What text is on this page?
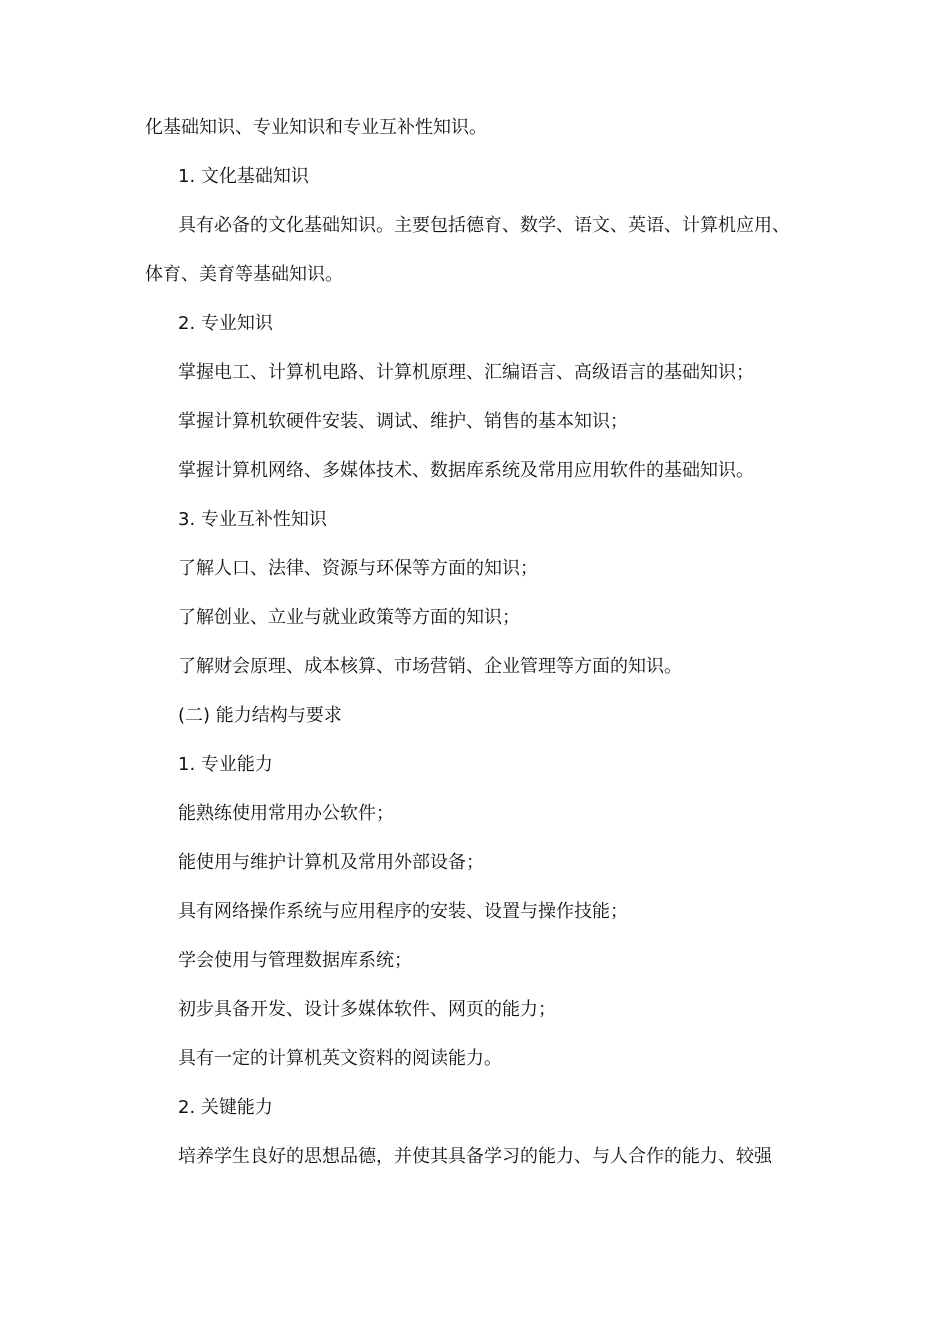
化基础知识、专业知识和专业互补性知识。
1. 文化基础知识
具有必备的文化基础知识。主要包括德育、数学、语文、英语、计算机应用、
体育、美育等基础知识。
2. 专业知识
掌握电工、计算机电路、计算机原理、汇编语言、高级语言的基础知识；
掌握计算机软硬件安装、调试、维护、销售的基本知识；
掌握计算机网络、多媒体技术、数据库系统及常用应用软件的基础知识。
3. 专业互补性知识
了解人口、法律、资源与环保等方面的知识；
了解创业、立业与就业政策等方面的知识；
了解财会原理、成本核算、市场营销、企业管理等方面的知识。
(二) 能力结构与要求
1. 专业能力
能熟练使用常用办公软件；
能使用与维护计算机及常用外部设备；
具有网络操作系统与应用程序的安装、设置与操作技能；
学会使用与管理数据库系统；
初步具备开发、设计多媒体软件、网页的能力；
具有一定的计算机英文资料的阅读能力。
2. 关键能力
培养学生良好的思想品德，并使其具备学习的能力、与人合作的能力、较强
